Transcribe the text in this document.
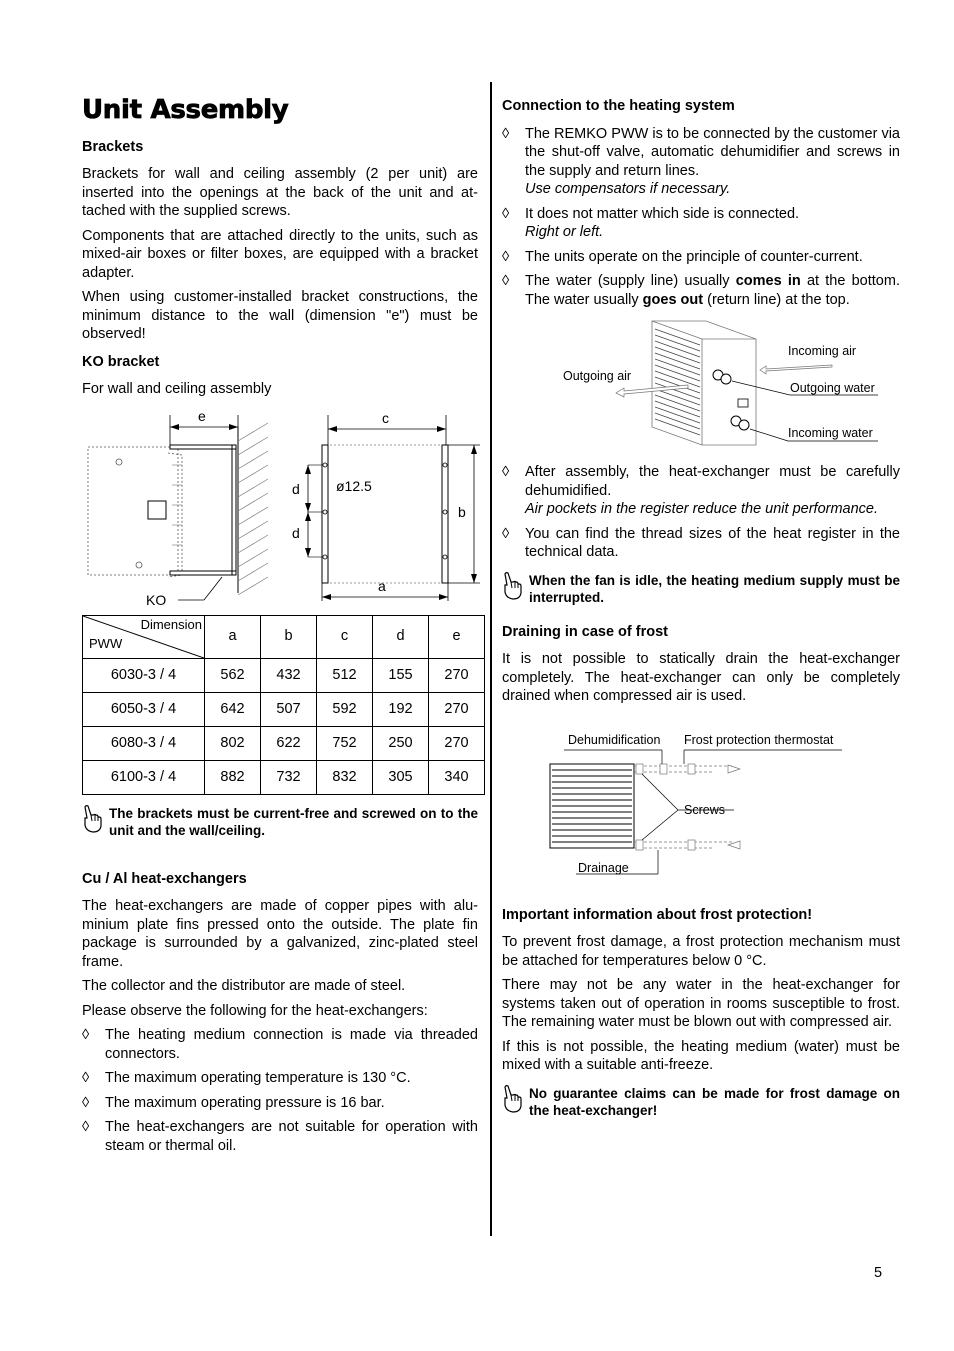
Unit Assembly
Brackets

Brackets for wall and ceiling assembly (2 per unit) are inserted into the openings at the back of the unit and attached with the supplied screws.

Components that are attached directly to the units, such as mixed-air boxes or filter boxes, are equipped with a bracket adapter.

When using customer-installed bracket constructions, the minimum distance to the wall (dimension "e") must be observed!

KO bracket

For wall and ceiling assembly

e
KO
c
b
d
d
ø12.5
a
Dimension
PWW	a	b	c	d	e
6030-3 / 4	562	432	512	155	270
6050-3 / 4	642	507	592	192	270
6080-3 / 4	802	622	752	250	270
6100-3 / 4	882	732	832	305	340
The brackets must be current-free and screwed on to the unit and the wall/ceiling.
Cu / Al heat-exchangers

The heat-exchangers are made of copper pipes with aluminium plate fins pressed onto the outside. The plate fin package is surrounded by a galvanized, zinc-plated steel frame.

The collector and the distributor are made of steel.

Please observe the following for the heat-exchangers:

◊ The heating medium connection is made via threaded connectors.
◊ The maximum operating temperature is 130 °C.
◊ The maximum operating pressure is 16 bar.
◊ The heat-exchangers are not suitable for operation with steam or thermal oil.
Connection to the heating system
◊ The REMKO PWW is to be connected by the customer via the shut-off valve, automatic dehumidifier and screws in the supply and return lines.
Use compensators if necessary.
◊ It does not matter which side is connected.
Right or left.
◊ The units operate on the principle of counter-current.
◊ The water (supply line) usually comes in at the bottom. The water usually goes out (return line) at the top.
Incoming air
Outgoing air
Outgoing water
Incoming water
◊ After assembly, the heat-exchanger must be carefully dehumidified.
Air pockets in the register reduce the unit performance.
◊ You can find the thread sizes of the heat register in the technical data.
When the fan is idle, the heating medium supply must be interrupted.
Draining in case of frost

It is not possible to statically drain the heat-exchanger completely. The heat-exchanger can only be completely drained when compressed air is used.

Dehumidification Frost protection thermostat
Screws
Drainage
Important information about frost protection!

To prevent frost damage, a frost protection mechanism must be attached for temperatures below 0 °C.

There may not be any water in the heat-exchanger for systems taken out of operation in rooms susceptible to frost. The remaining water must be blown out with compressed air.

If this is not possible, the heating medium (water) must be mixed with a suitable anti-freeze.

No guarantee claims can be made for frost damage on the heat-exchanger!
5
